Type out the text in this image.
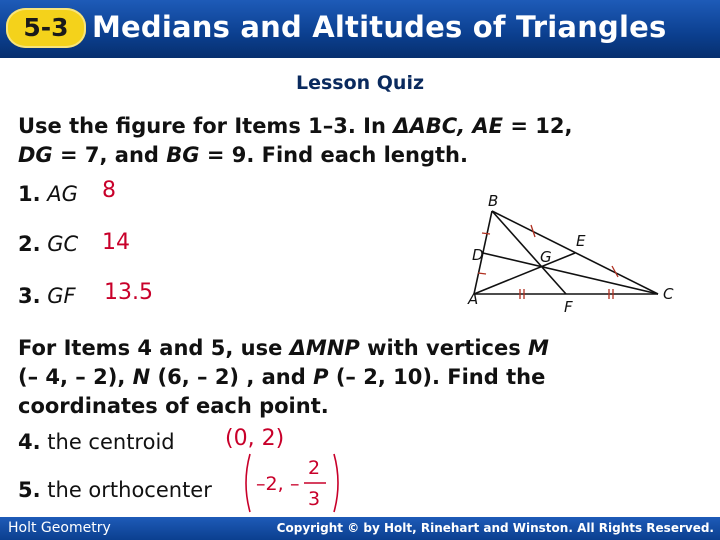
5-3 Medians and Altitudes of Triangles
Lesson Quiz
Use the figure for Items 1–3. In ΔABC, AE = 12,
DG = 7, and BG = 9. Find each length.
1. AG 8
2. GC 14
3. GF 13.5
B
E
D	G
A	F
C
For Items 4 and 5, use ΔMNP with vertices M
(– 4, – 2), N (6, – 2) , and P (– 2, 10). Find the coordinates of each point.
4. the centroid (0, 2)
5. the orthocenter –2, –
2
3
Holt Geometry	Copyright © by Holt, Rinehart and Winston. All Rights Reserved.
